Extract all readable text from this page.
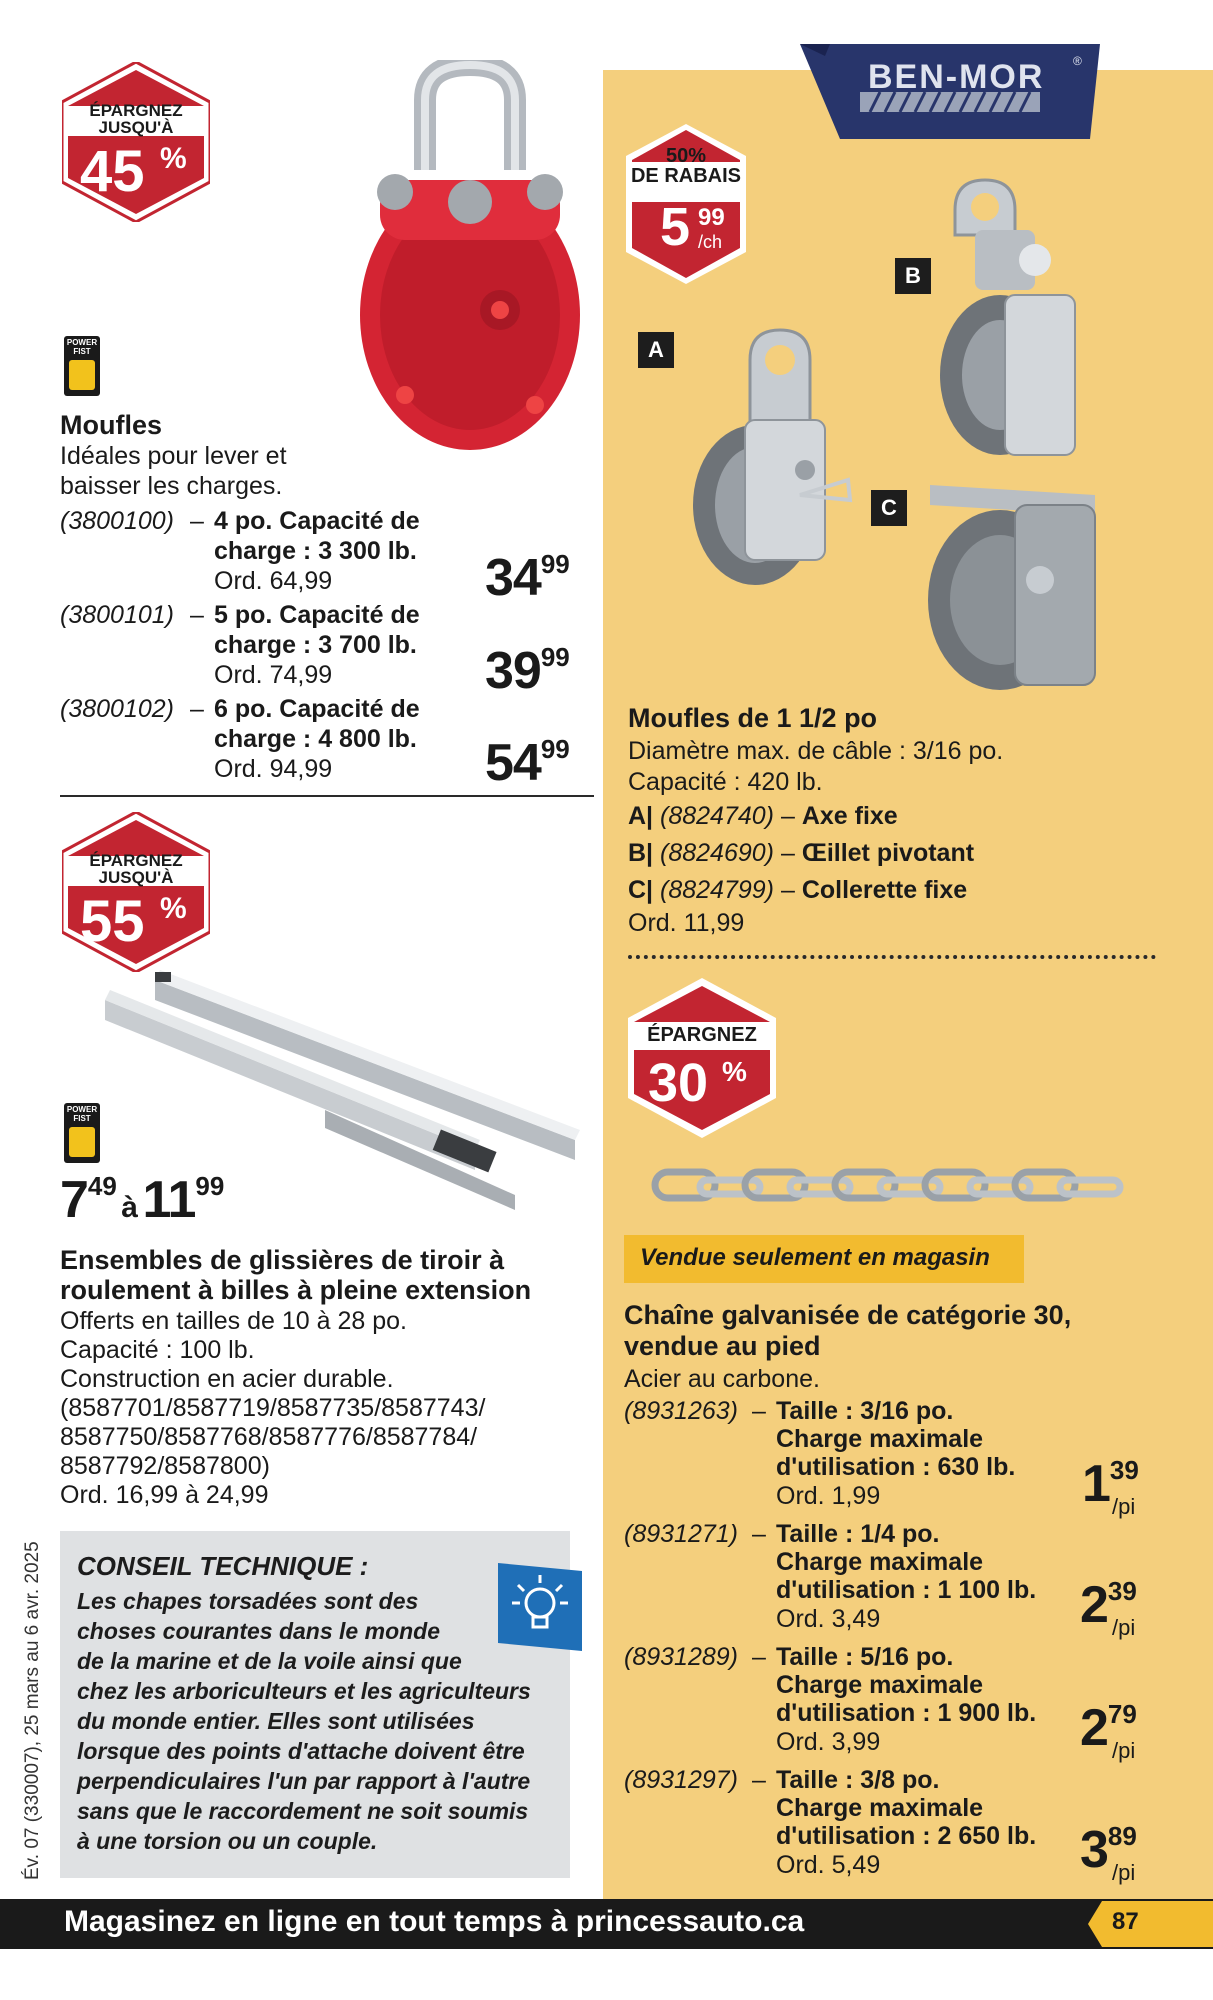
BEN-MOR ®
ÉPARGNEZ
JUSQU'À
45 %
POWER FIST
Moufles
Idéales pour lever et
baisser les charges.
(3800100) – 4 po. Capacité de
charge : 3 300 lb.
Ord. 64,99	3499
(3800101) – 5 po. Capacité de
charge : 3 700 lb.
Ord. 74,99	3999
(3800102) – 6 po. Capacité de
charge : 4 800 lb.
Ord. 94,99	5499
ÉPARGNEZ
JUSQU'À
55 %
POWER FIST
749 à 1199
Ensembles de glissières de tiroir à
roulement à billes à pleine extension
Offerts en tailles de 10 à 28 po.
Capacité : 100 lb.
Construction en acier durable.
(8587701/8587719/8587735/8587743/
8587750/8587768/8587776/8587784/
8587792/8587800)
Ord. 16,99 à 24,99
CONSEIL TECHNIQUE :
Les chapes torsadées sont des
choses courantes dans le monde
de la marine et de la voile ainsi que
chez les arboriculteurs et les agriculteurs
du monde entier. Elles sont utilisées
lorsque des points d'attache doivent être
perpendiculaires l'un par rapport à l'autre
sans que le raccordement ne soit soumis
à une torsion ou un couple.
50%
DE RABAIS
5 99
/ch
B
A
C
Moufles de 1 1/2 po
Diamètre max. de câble : 3/16 po.
Capacité : 420 lb.
A| (8824740) – Axe fixe
B| (8824690) – Œillet pivotant
C| (8824799) – Collerette fixe
Ord. 11,99
ÉPARGNEZ
30 %
Vendue seulement en magasin
Chaîne galvanisée de catégorie 30,
vendue au pied
Acier au carbone.
(8931263) – Taille : 3/16 po.
Charge maximale
d'utilisation : 630 lb.
Ord. 1,99	139
/pi
(8931271) – Taille : 1/4 po.
Charge maximale
d'utilisation : 1 100 lb.
Ord. 3,49	239
/pi
(8931289) – Taille : 5/16 po.
Charge maximale
d'utilisation : 1 900 lb.
Ord. 3,99	279
/pi
(8931297) – Taille : 3/8 po.
Charge maximale
d'utilisation : 2 650 lb.
Ord. 5,49	389
/pi
Év. 07 (330007), 25 mars au 6 avr. 2025
Magasinez en ligne en tout temps à princessauto.ca	87
